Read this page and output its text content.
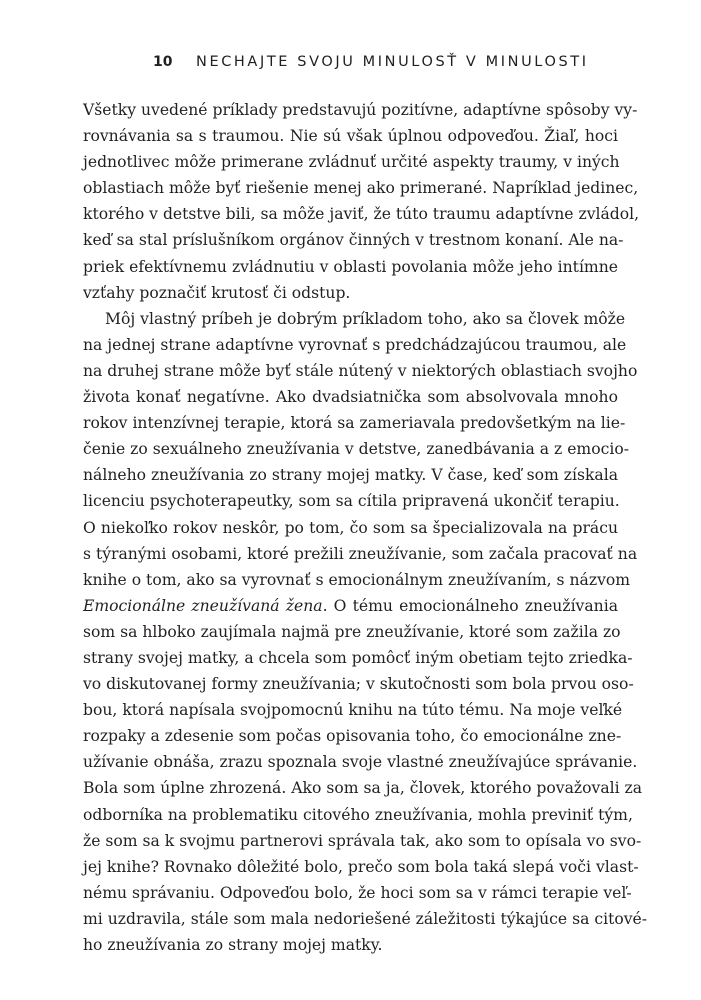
10	NECHAJTE SVOJU MINULOSŤ V MINULOSTI
Všetky uvedené príklady predstavujú pozitívne, adaptívne spôsoby vy-
rovnávania sa s traumou. Nie sú však úplnou odpoveďou. Žiaľ, hoci
jednotlivec môže primerane zvládnuť určité aspekty traumy, v iných
oblastiach môže byť riešenie menej ako primerané. Napríklad jedinec,
ktorého v detstve bili, sa môže javiť, že túto traumu adaptívne zvládol,
keď sa stal príslušníkom orgánov činných v trestnom konaní. Ale na-
priek efektívnemu zvládnutiu v oblasti povolania môže jeho intímne
vzťahy poznačiť krutosť či odstup.
Môj vlastný príbeh je dobrým príkladom toho, ako sa človek môže
na jednej strane adaptívne vyrovnať s predchádzajúcou traumou, ale
na druhej strane môže byť stále nútený v niektorých oblastiach svojho
života konať negatívne. Ako dvadsiatnička som absolvovala mnoho
rokov intenzívnej terapie, ktorá sa zameriavala predovšetkým na lie-
čenie zo sexuálneho zneužívania v detstve, zanedbávania a z emocio-
nálneho zneužívania zo strany mojej matky. V čase, keď som získala
licenciu psychoterapeutky, som sa cítila pripravená ukončiť terapiu.
O niekoľko rokov neskôr, po tom, čo som sa špecializovala na prácu
s týranými osobami, ktoré prežili zneužívanie, som začala pracovať na
knihe o tom, ako sa vyrovnať s emocionálnym zneužívaním, s názvom
Emocionálne zneužívaná žena. O tému emocionálneho zneužívania
som sa hlboko zaujímala najmä pre zneužívanie, ktoré som zažila zo
strany svojej matky, a chcela som pomôcť iným obetiam tejto zriedka-
vo diskutovanej formy zneužívania; v skutočnosti som bola prvou oso-
bou, ktorá napísala svojpomocnú knihu na túto tému. Na moje veľké
rozpaky a zdesenie som počas opisovania toho, čo emocionálne zne-
užívanie obnáša, zrazu spoznala svoje vlastné zneužívajúce správanie.
Bola som úplne zhrozená. Ako som sa ja, človek, ktorého považovali za
odborníka na problematiku citového zneužívania, mohla previniť tým,
že som sa k svojmu partnerovi správala tak, ako som to opísala vo svo-
jej knihe? Rovnako dôležité bolo, prečo som bola taká slepá voči vlast-
nému správaniu. Odpoveďou bolo, že hoci som sa v rámci terapie veľ-
mi uzdravila, stále som mala nedoriešené záležitosti týkajúce sa citové-
ho zneužívania zo strany mojej matky.
